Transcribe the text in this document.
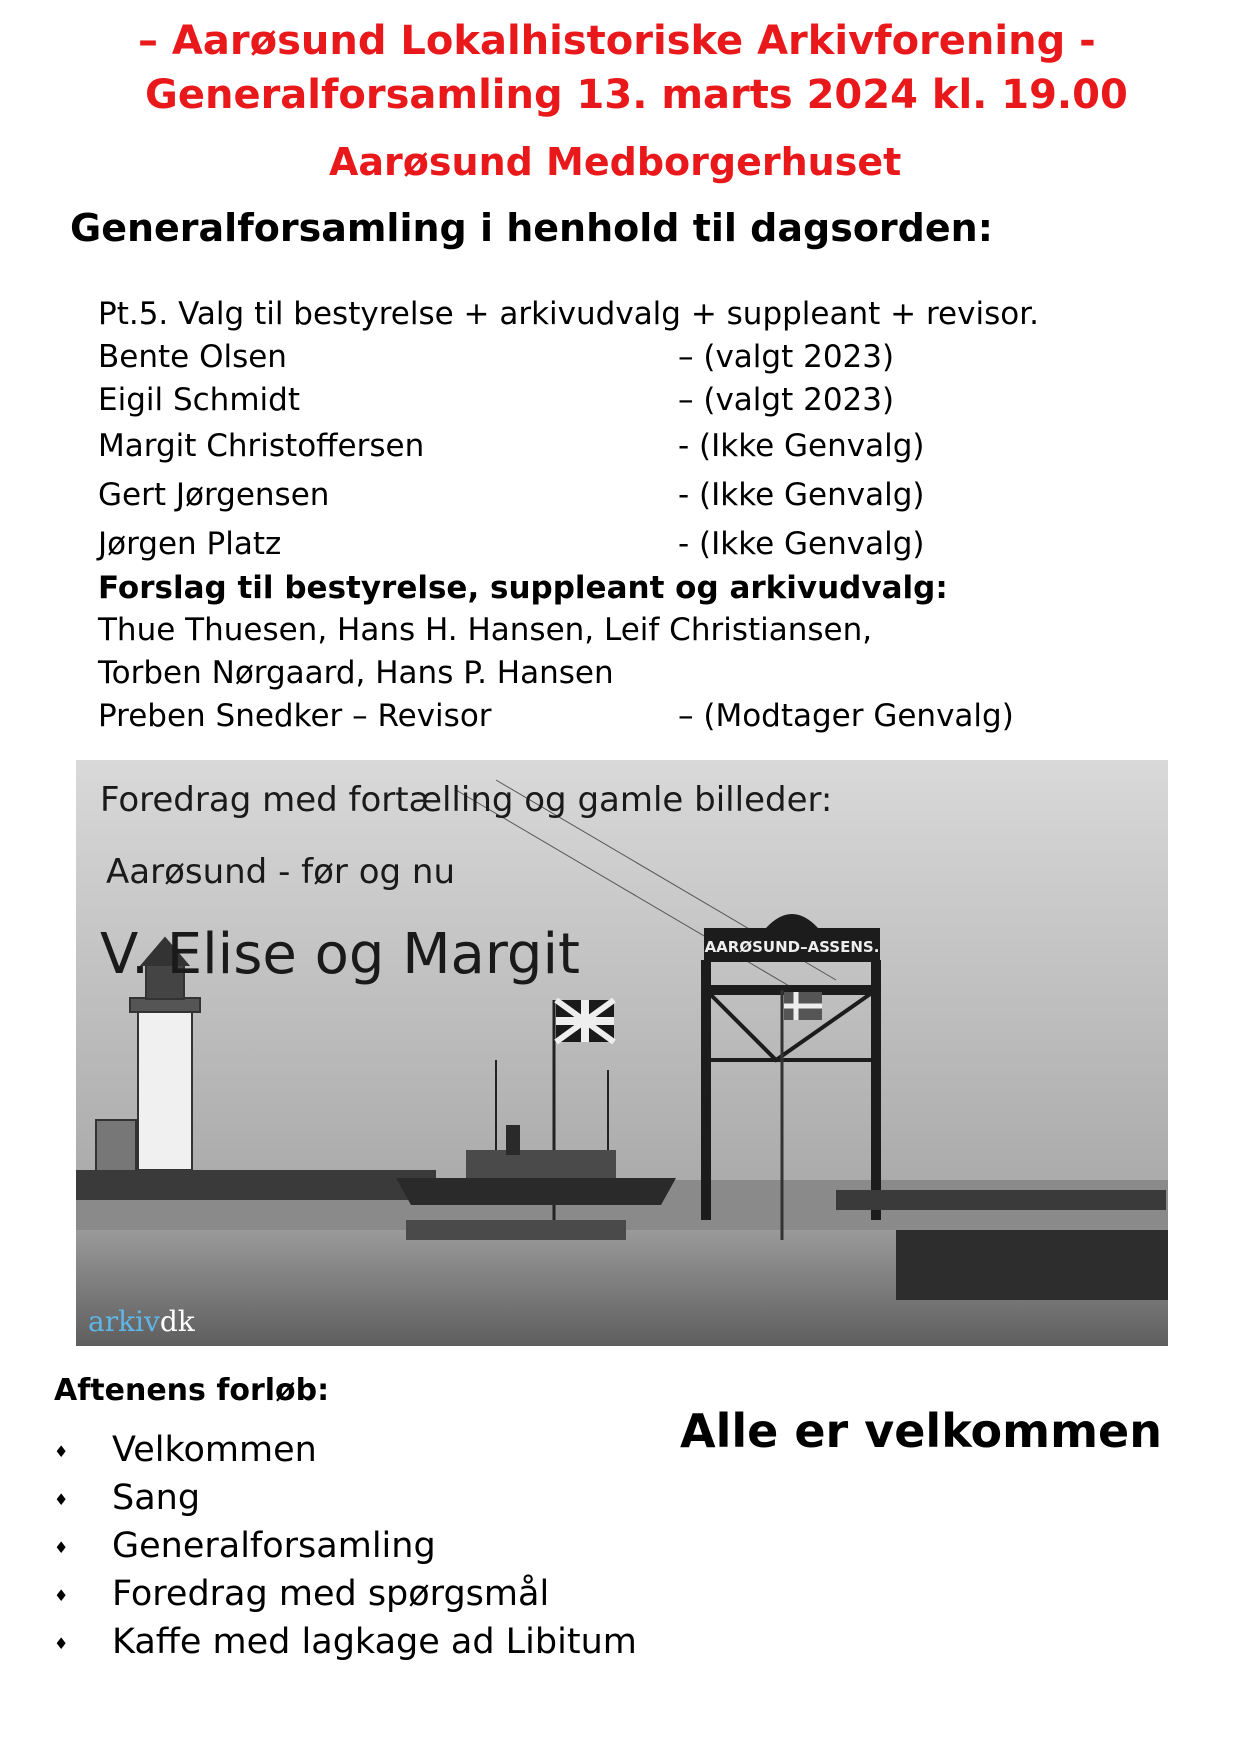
– Aarøsund Lokalhistoriske Arkivforening -
Generalforsamling 13. marts 2024 kl. 19.00
Aarøsund Medborgerhuset
Generalforsamling i henhold til dagsorden:
Pt.5. Valg til bestyrelse + arkivudvalg + suppleant + revisor.
Bente Olsen	– (valgt 2023)
Eigil Schmidt	– (valgt 2023)
Margit Christoffersen	- (Ikke Genvalg)
Gert Jørgensen	- (Ikke Genvalg)
Jørgen Platz	- (Ikke Genvalg)
Forslag til bestyrelse, suppleant og arkivudvalg:
Thue Thuesen, Hans H. Hansen, Leif Christiansen,
Torben Nørgaard, Hans P. Hansen
Preben Snedker – Revisor	– (Modtager Genvalg)
AARØSUND–ASSENS.
Foredrag med fortælling og gamle billeder:
Aarøsund - før og nu
V. Elise og Margit
arkivdk
Aftenens forløb:
Alle er velkommen
♦ Velkommen
♦ Sang
♦ Generalforsamling
♦ Foredrag med spørgsmål
♦ Kaffe med lagkage ad Libitum
